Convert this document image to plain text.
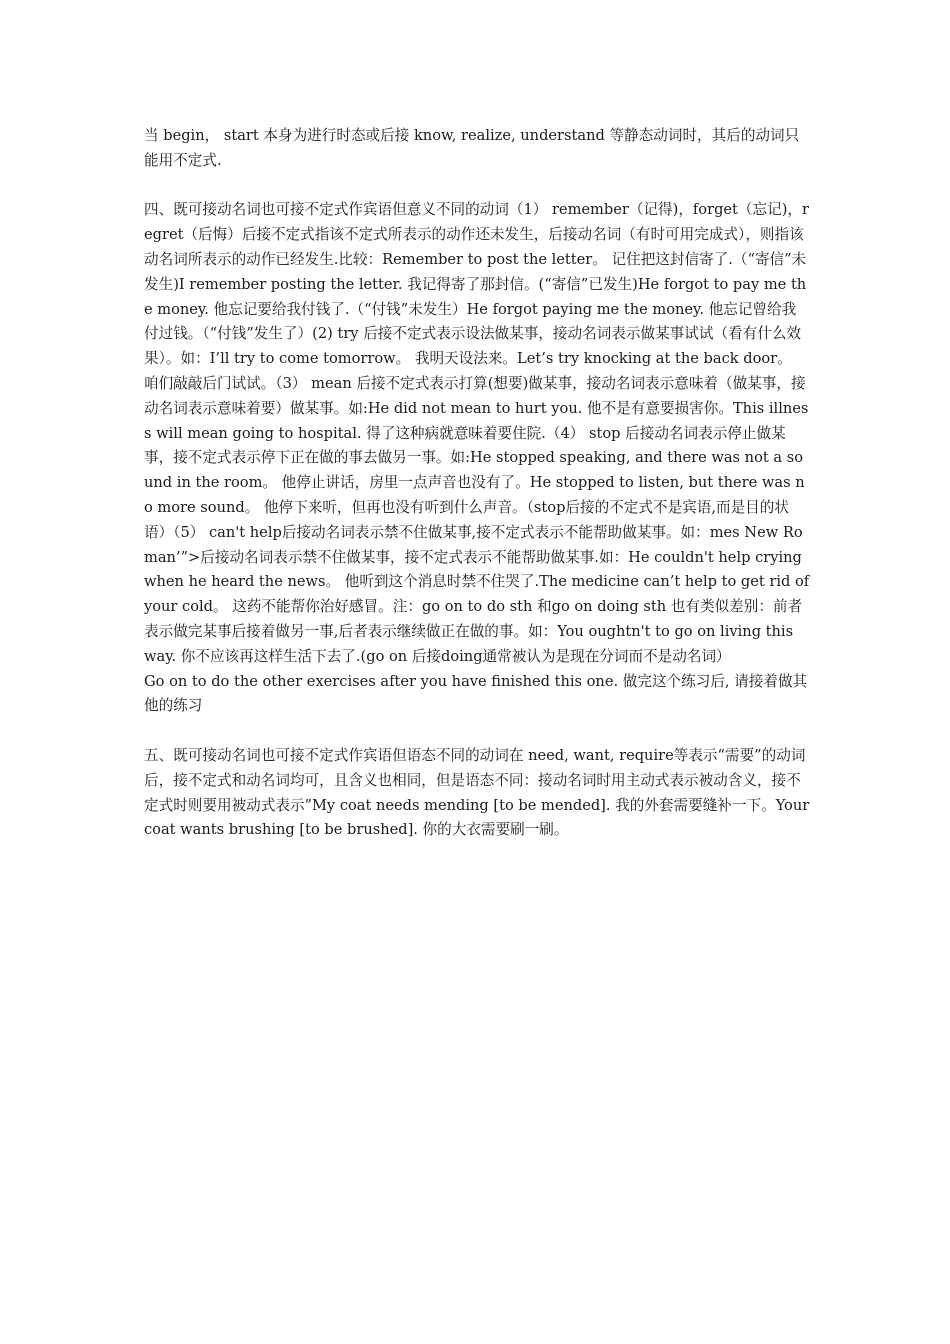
当 begin， start 本身为进行时态或后接 know, realize, understand 等静态动词时，其后的动词只能用不定式.

四、既可接动名词也可接不定式作宾语但意义不同的动词（1） remember（记得)，forget（忘记)，regret（后悔）后接不定式指该不定式所表示的动作还未发生，后接动名词（有时可用完成式），则指该动名词所表示的动作已经发生.比较：Remember to post the letter。 记住把这封信寄了.（“寄信”未发生)I remember posting the letter. 我记得寄了那封信。(“寄信”已发生)He forgot to pay me the money. 他忘记要给我付钱了.（“付钱”未发生）He forgot paying me the money. 他忘记曾给我付过钱。（“付钱”发生了）(2) try 后接不定式表示设法做某事，接动名词表示做某事试试（看有什么效果）。如：I’ll try to come tomorrow。 我明天设法来。Let’s try knocking at the back door。 咱们敲敲后门试试。（3） mean 后接不定式表示打算(想要)做某事，接动名词表示意味着（做某事，接动名词表示意味着要）做某事。如:He did not mean to hurt you. 他不是有意要损害你。This illness will mean going to hospital. 得了这种病就意味着要住院.（4） stop 后接动名词表示停止做某事，接不定式表示停下正在做的事去做另一事。如:He stopped speaking, and there was not a sound in the room。 他停止讲话，房里一点声音也没有了。He stopped to listen, but there was no more sound。 他停下来听，但再也没有听到什么声音。（stop后接的不定式不是宾语,而是目的状语）（5） can't help后接动名词表示禁不住做某事,接不定式表示不能帮助做某事。如：mes New Roman’”>后接动名词表示禁不住做某事，接不定式表示不能帮助做某事.如：He couldn't help crying when he heard the news。 他听到这个消息时禁不住哭了.The medicine can’t help to get rid of your cold。 这药不能帮你治好感冒。注：go on to do sth 和go on doing sth 也有类似差别：前者表示做完某事后接着做另一事,后者表示继续做正在做的事。如：You oughtn't to go on living this way. 你不应该再这样生活下去了.(go on 后接doing通常被认为是现在分词而不是动名词）

Go on to do the other exercises after you have finished this one. 做完这个练习后, 请接着做其他的练习

五、既可接动名词也可接不定式作宾语但语态不同的动词在 need, want, require等表示“需要”的动词后，接不定式和动名词均可，且含义也相同，但是语态不同：接动名词时用主动式表示被动含义，接不定式时则要用被动式表示”My coat needs mending [to be mended]. 我的外套需要缝补一下。Your coat wants brushing [to be brushed]. 你的大衣需要刷一刷。
